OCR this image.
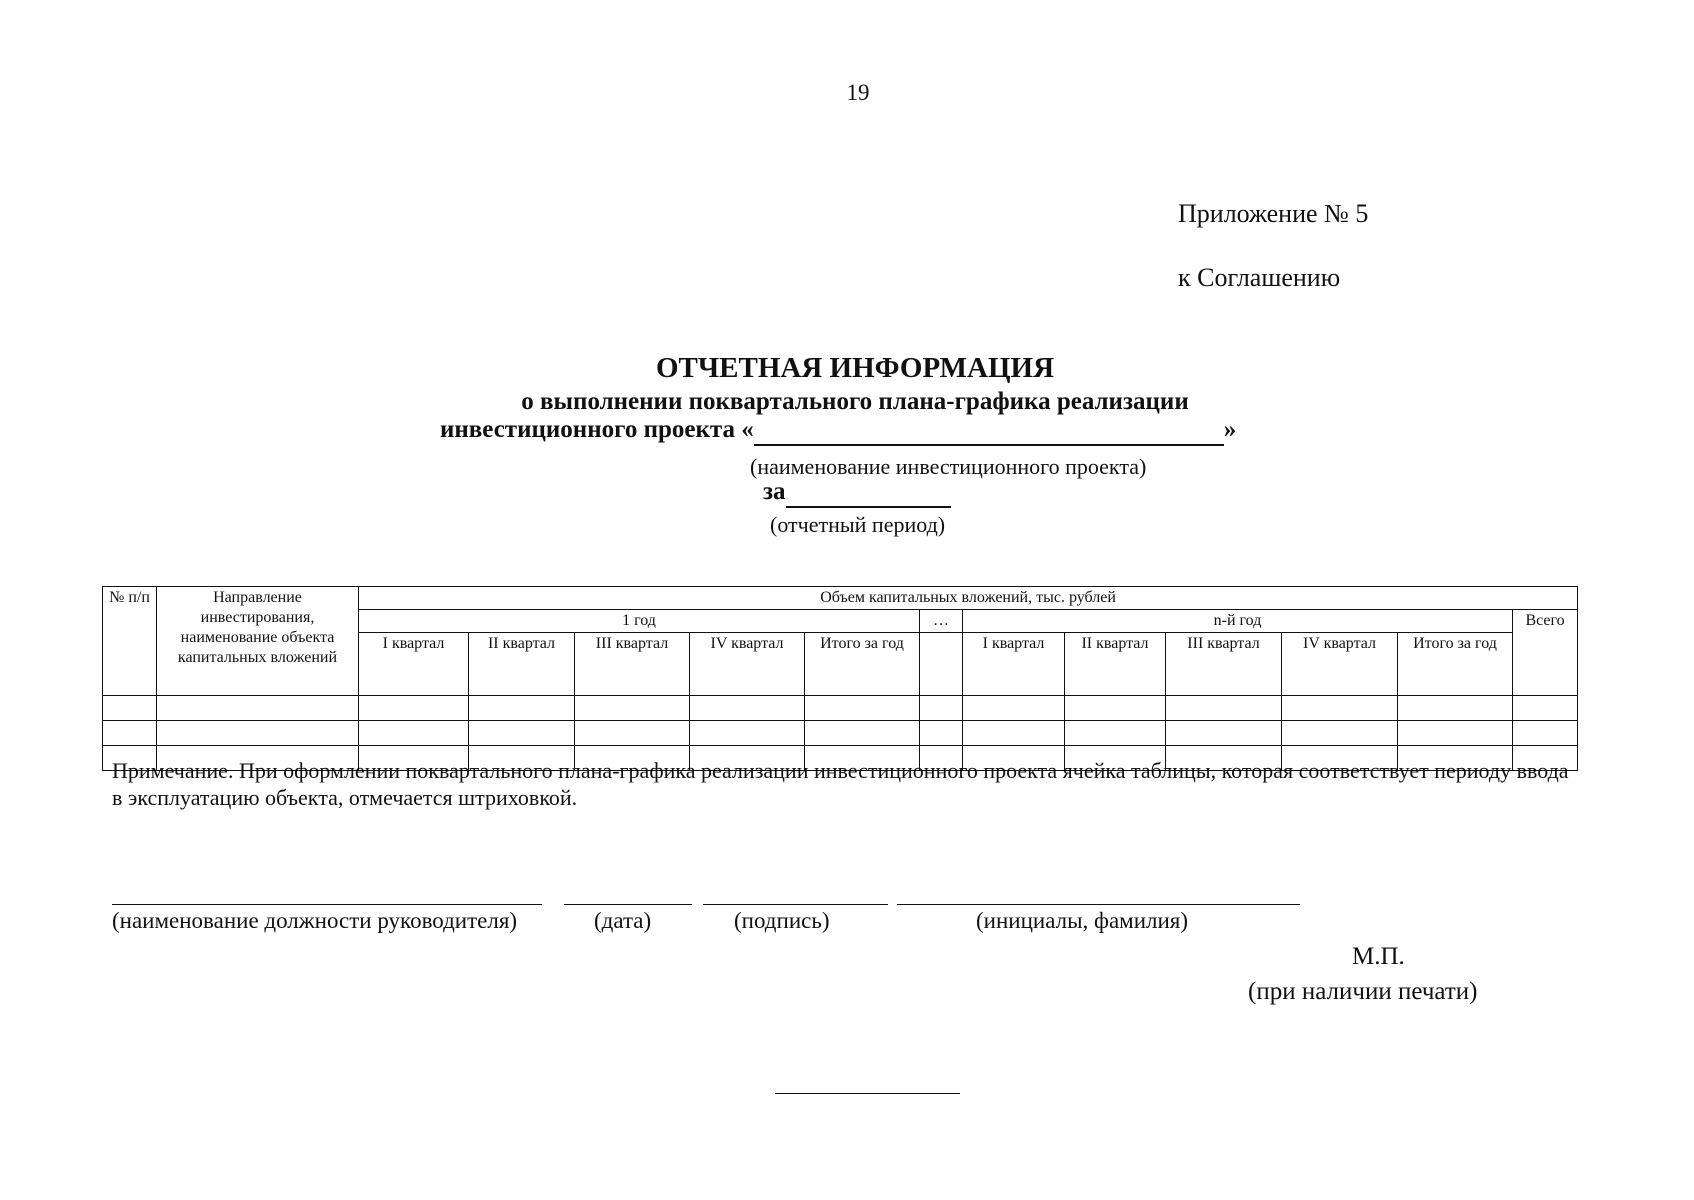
19
Приложение № 5
к Соглашению
ОТЧЕТНАЯ ИНФОРМАЦИЯ
о выполнении поквартального плана-графика реализации
инвестиционного проекта «	»
(наименование инвестиционного проекта)
за
(отчетный период)
№ п/п	Направление инвестирования, наименование объекта капитальных вложений	Объем капитальных вложений, тыс. рублей											
		1 год					…	n-й год					Всего
		I квартал	II квартал	III квартал	IV квартал	Итого за год		I квартал	II квартал	III квартал	IV квартал	Итого за год	

Примечание. При оформлении поквартального плана-графика реализации инвестиционного проекта ячейка таблицы, которая соответствует периоду ввода в эксплуатацию объекта, отмечается штриховкой.
(наименование должности руководителя)	(дата)	(подпись)	(инициалы, фамилия)
М.П.
(при наличии печати)
